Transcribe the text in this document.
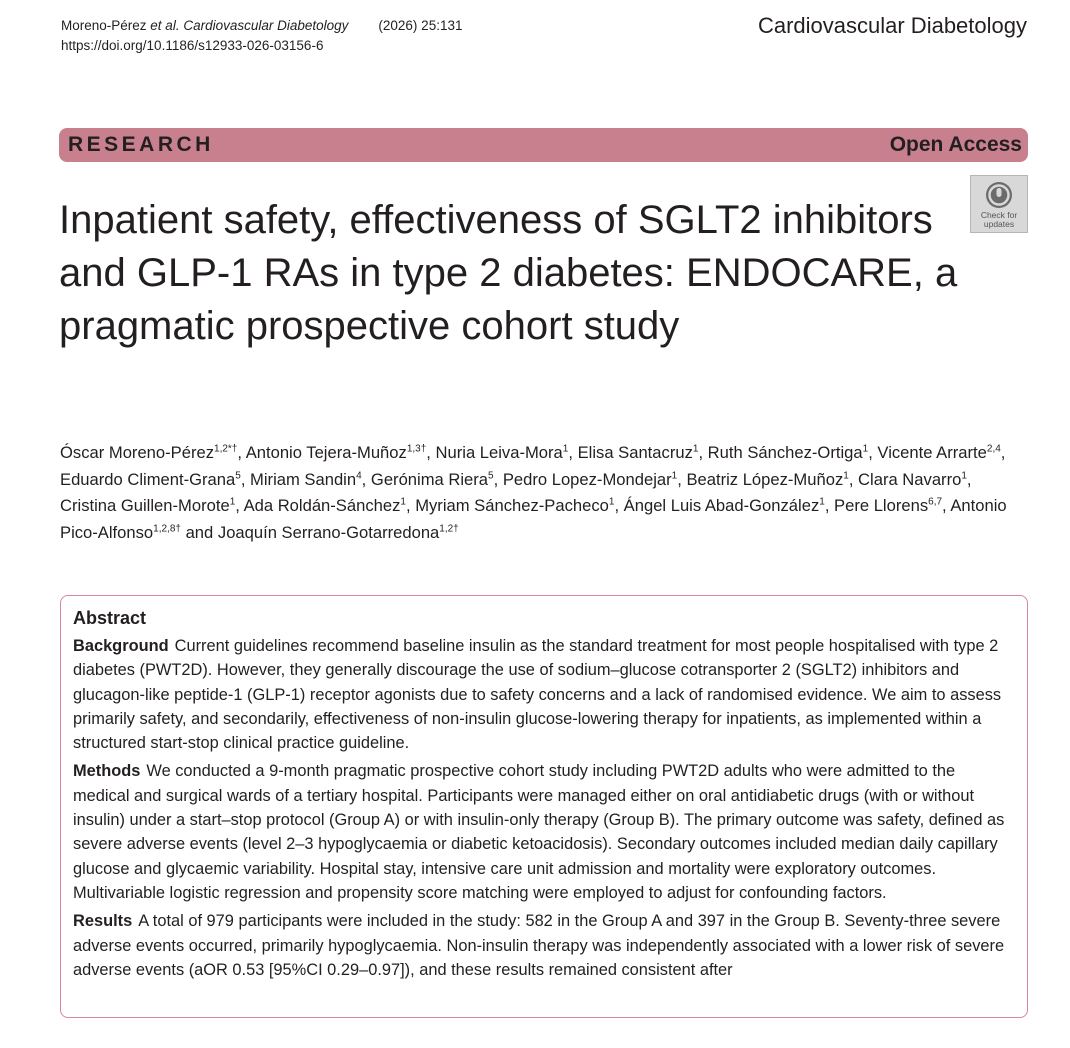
Moreno-Pérez et al. Cardiovascular Diabetology (2026) 25:131
https://doi.org/10.1186/s12933-026-03156-6
Cardiovascular Diabetology
RESEARCH	Open Access
Check for
updates
Inpatient safety, effectiveness of SGLT2 inhibitors and GLP-1 RAs in type 2 diabetes: ENDOCARE, a pragmatic prospective cohort study
Óscar Moreno-Pérez$^{1,2*\dagger}$, Antonio Tejera-Muñoz$^{1,3\dagger}$, Nuria Leiva-Mora$^1$, Elisa Santacruz$^1$, Ruth Sánchez-Ortiga$^1$, Vicente Arrarte$^{2,4}$, Eduardo Climent-Grana$^5$, Miriam Sandin$^4$, Gerónima Riera$^5$, Pedro Lopez-Mondejar$^1$, Beatriz López-Muñoz$^1$, Clara Navarro$^1$, Cristina Guillen-Morote$^1$, Ada Roldán-Sánchez$^1$, Myriam Sánchez-Pacheco$^1$, Ángel Luis Abad-González$^1$, Pere Llorens$^{6,7}$, Antonio Pico-Alfonso$^{1,2,8\dagger}$ and Joaquín Serrano-Gotarredona$^{1,2\dagger}$
Abstract

Background Current guidelines recommend baseline insulin as the standard treatment for most people hospitalised with type 2 diabetes (PWT2D). However, they generally discourage the use of sodium–glucose cotransporter 2 (SGLT2) inhibitors and glucagon-like peptide-1 (GLP-1) receptor agonists due to safety concerns and a lack of randomised evidence. We aim to assess primarily safety, and secondarily, effectiveness of non-insulin glucose-lowering therapy for inpatients, as implemented within a structured start-stop clinical practice guideline.

Methods We conducted a 9-month pragmatic prospective cohort study including PWT2D adults who were admitted to the medical and surgical wards of a tertiary hospital. Participants were managed either on oral antidiabetic drugs (with or without insulin) under a start–stop protocol (Group A) or with insulin-only therapy (Group B). The primary outcome was safety, defined as severe adverse events (level 2–3 hypoglycaemia or diabetic ketoacidosis). Secondary outcomes included median daily capillary glucose and glycaemic variability. Hospital stay, intensive care unit admission and mortality were exploratory outcomes. Multivariable logistic regression and propensity score matching were employed to adjust for confounding factors.

Results A total of 979 participants were included in the study: 582 in the Group A and 397 in the Group B. Seventy-three severe adverse events occurred, primarily hypoglycaemia. Non-insulin therapy was independently associated with a lower risk of severe adverse events (aOR 0.53 [95%CI 0.29–0.97]), and these results remained consistent after
